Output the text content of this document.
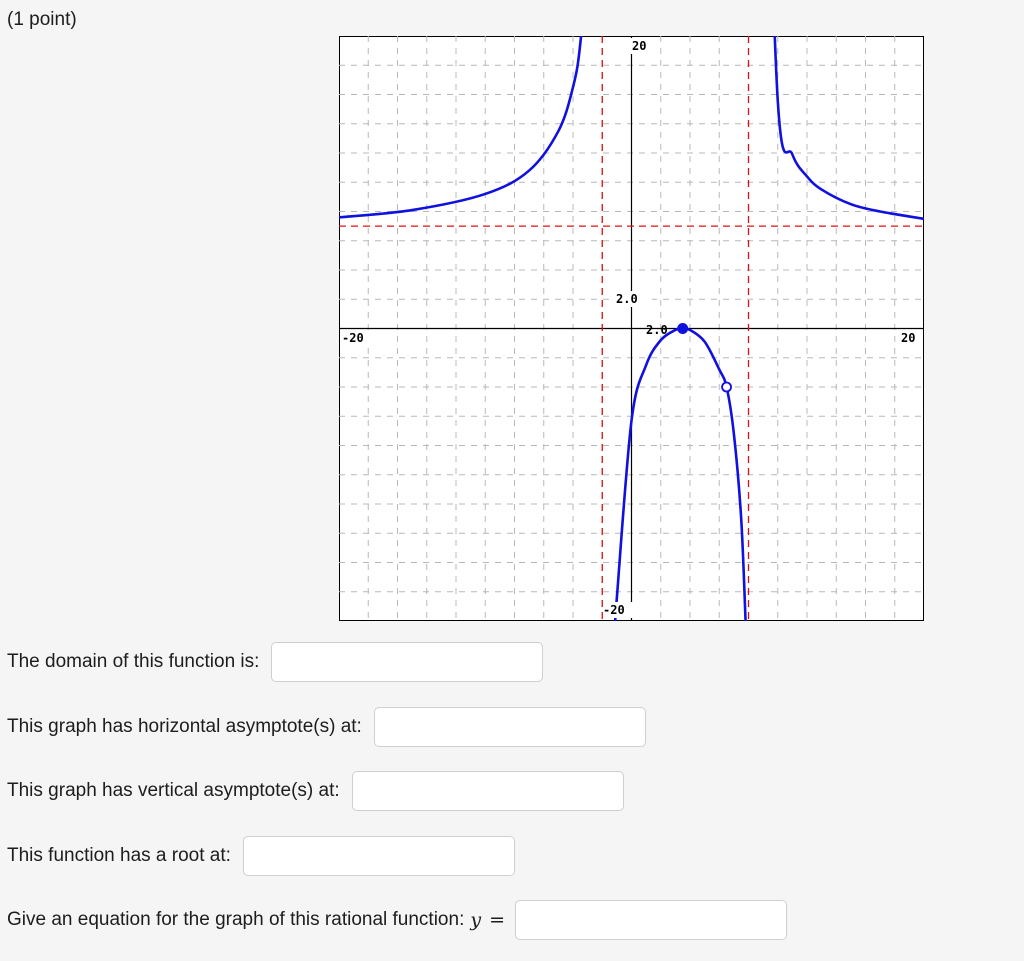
(1 point)
20
2.0
-20	20
-20
2.0
The domain of this function is:
This graph has horizontal asymptote(s) at:
This graph has vertical asymptote(s) at:
This function has a root at:
Give an equation for the graph of this rational function: y =
